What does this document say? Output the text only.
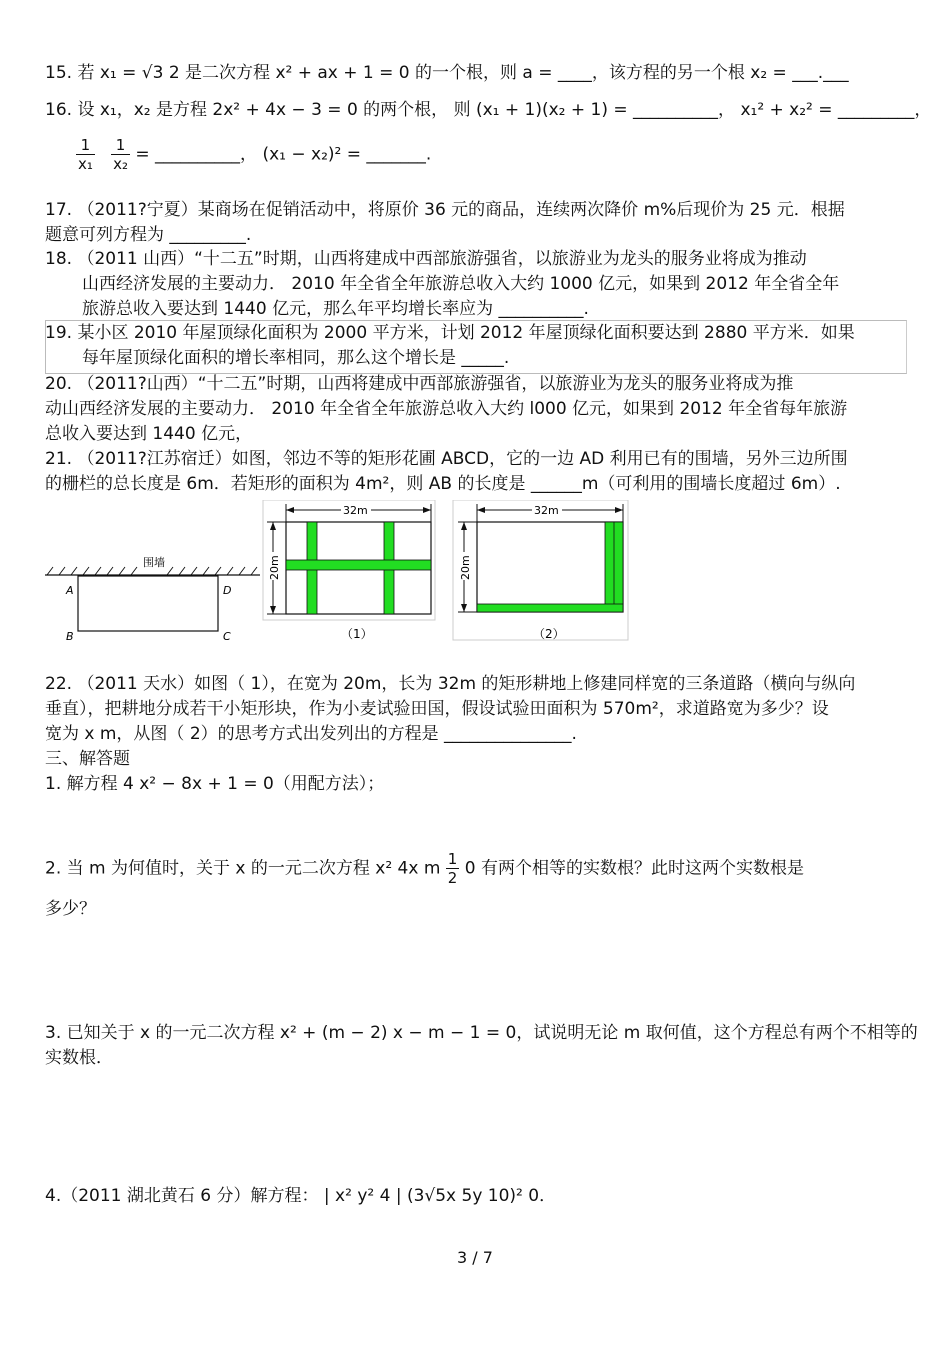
15. 若 x₁ = √3 2 是二次方程 x² + ax + 1 = 0 的一个根，则 a = ____，该方程的另一个根 x₂ = ___.___
16. 设 x₁，x₂ 是方程 2x² + 4x − 3 = 0 的两个根， 则 (x₁ + 1)(x₂ + 1) = __________， x₁² + x₂² = _________，
$\frac{1}{\text{x₁}}$
$\frac{1}{\text{x₂}}$ = __________， (x₁ − x₂)² = _______.
17. （2011?宁夏）某商场在促销活动中，将原价 36 元的商品，连续两次降价 m%后现价为 25 元．根据
题意可列方程为 _________.
18. （2011 山西）“十二五”时期，山西将建成中西部旅游强省，以旅游业为龙头的服务业将成为推动
山西经济发展的主要动力． 2010 年全省全年旅游总收入大约 1000 亿元，如果到 2012 年全省全年
旅游总收入要达到 1440 亿元，那么年平均增长率应为 __________.
19. 某小区 2010 年屋顶绿化面积为 2000 平方米，计划 2012 年屋顶绿化面积要达到 2880 平方米．如果
每年屋顶绿化面积的增长率相同，那么这个增长是 _____.
20. （2011?山西）“十二五”时期，山西将建成中西部旅游强省，以旅游业为龙头的服务业将成为推
动山西经济发展的主要动力． 2010 年全省全年旅游总收入大约 l000 亿元，如果到 2012 年全省每年旅游
总收入要达到 1440 亿元，
21. （2011?江苏宿迁）如图，邻边不等的矩形花圃 ABCD，它的一边 AD 利用已有的围墙，另外三边所围
的栅栏的总长度是 6m．若矩形的面积为 4m²，则 AB 的长度是 ______m（可利用的围墙长度超过 6m）.
围墙
A	D
B	C
32m
20m
（1）
32m
20m
（2）
22. （2011 天水）如图（ 1），在宽为 20m，长为 32m 的矩形耕地上修建同样宽的三条道路（横向与纵向
垂直），把耕地分成若干小矩形块，作为小麦试验田国，假设试验田面积为 570m²，求道路宽为多少？设
宽为 x m，从图（ 2）的思考方式出发列出的方程是 _______________.
三、解答题
1. 解方程 4 x² − 8x + 1 = 0（用配方法）；
2. 当 m 为何值时，关于 x 的一元二次方程 x² 4x m $\frac{1}{2} 0$ 有两个相等的实数根？此时这两个实数根是
多少？
3. 已知关于 x 的一元二次方程 x² + (m − 2) x − m − 1 = 0，试说明无论 m 取何值，这个方程总有两个不相等的
实数根．
4.（2011 湖北黄石 6 分）解方程： | x² y² 4 | (3√5x 5y 10)² 0．
3 / 7
